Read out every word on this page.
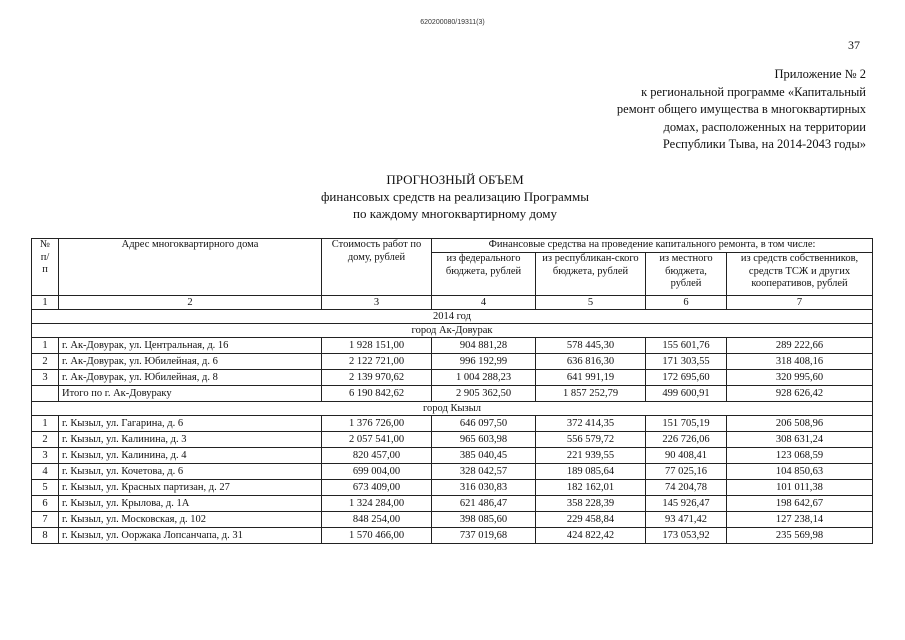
620200080/19311(3)
37
Приложение № 2
к региональной программе «Капитальный
ремонт общего имущества в многоквартирных
домах, расположенных на территории
Республики Тыва, на 2014-2043 годы»
ПРОГНОЗНЫЙ ОБЪЕМ
финансовых средств на реализацию Программы
по каждому многоквартирному дому
№ п/п	Адрес многоквартирного дома	Стоимость работ по дому, рублей	Финансовые средства на проведение капитального ремонта, в том числе:			
			из федерального бюджета, рублей	из республикан-ского бюджета, рублей	из местного бюджета, рублей	из средств собственников, средств ТСЖ и других кооперативов, рублей
1	2	3	4	5	6	7
2014 год						
город Ак-Довурак						
1	г. Ак-Довурак, ул. Центральная, д. 16	1 928 151,00	904 881,28	578 445,30	155 601,76	289 222,66
2	г. Ак-Довурак, ул. Юбилейная, д. 6	2 122 721,00	996 192,99	636 816,30	171 303,55	318 408,16
3	г. Ак-Довурак, ул. Юбилейная, д. 8	2 139 970,62	1 004 288,23	641 991,19	172 695,60	320 995,60
	Итого по г. Ак-Довураку	6 190 842,62	2 905 362,50	1 857 252,79	499 600,91	928 626,42
город Кызыл						
1	г. Кызыл, ул. Гагарина, д. 6	1 376 726,00	646 097,50	372 414,35	151 705,19	206 508,96
2	г. Кызыл, ул. Калинина, д. 3	2 057 541,00	965 603,98	556 579,72	226 726,06	308 631,24
3	г. Кызыл, ул. Калинина, д. 4	820 457,00	385 040,45	221 939,55	90 408,41	123 068,59
4	г. Кызыл, ул. Кочетова, д. 6	699 004,00	328 042,57	189 085,64	77 025,16	104 850,63
5	г. Кызыл, ул. Красных партизан, д. 27	673 409,00	316 030,83	182 162,01	74 204,78	101 011,38
6	г. Кызыл, ул. Крылова, д. 1А	1 324 284,00	621 486,47	358 228,39	145 926,47	198 642,67
7	г. Кызыл, ул. Московская, д. 102	848 254,00	398 085,60	229 458,84	93 471,42	127 238,14
8	г. Кызыл, ул. Ооржака Лопсанчапа, д. 31	1 570 466,00	737 019,68	424 822,42	173 053,92	235 569,98
